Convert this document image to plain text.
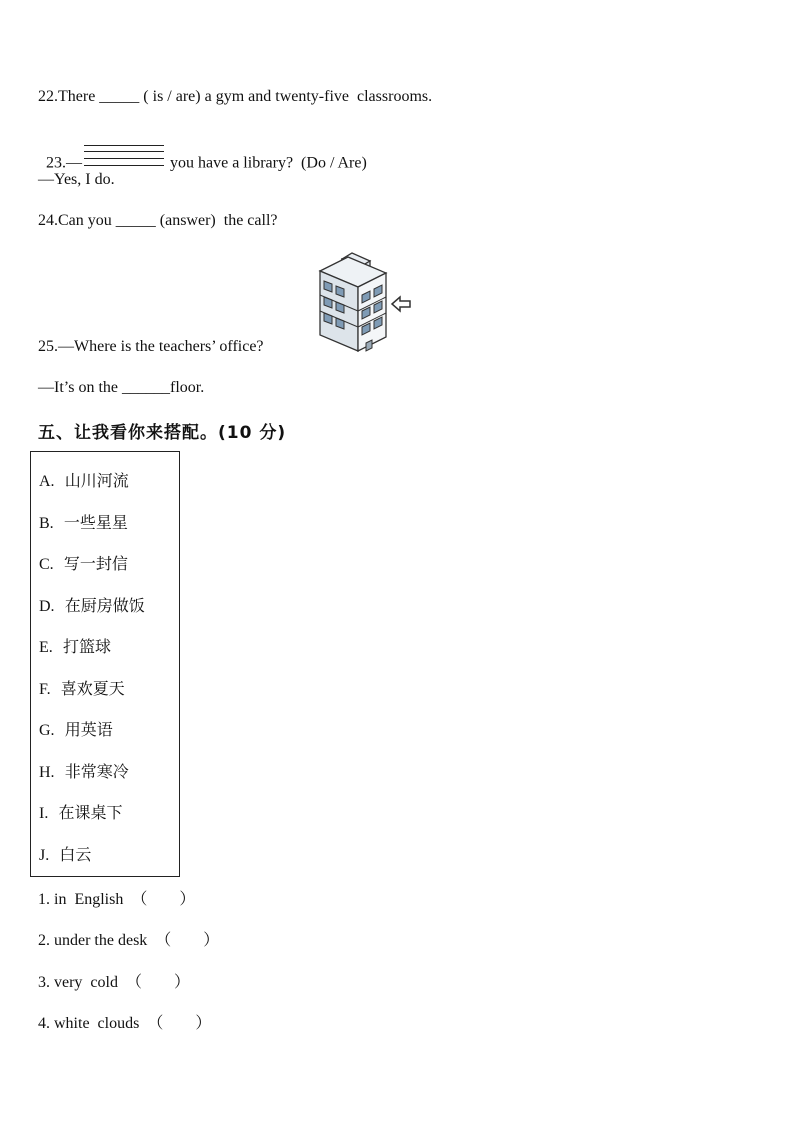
22.There _____ ( is / are) a gym and twenty-five  classrooms.

23.—	you have a library?  (Do / Are)

—Yes, I do.
24.Can you _____ (answer)  the call?
25.—Where is the teachers’ office?
—It’s on the ______floor.
五、让我看你来搭配。(10 分)
A. 山川河流
B. 一些星星
C. 写一封信
D. 在厨房做饭
E. 打篮球
F. 喜欢夏天
G. 用英语
H. 非常寒冷
I. 在课桌下
J. 白云
1. in  English  （        ）
2. under the desk  （        ）
3. very  cold  （        ）
4. white  clouds  （        ）
